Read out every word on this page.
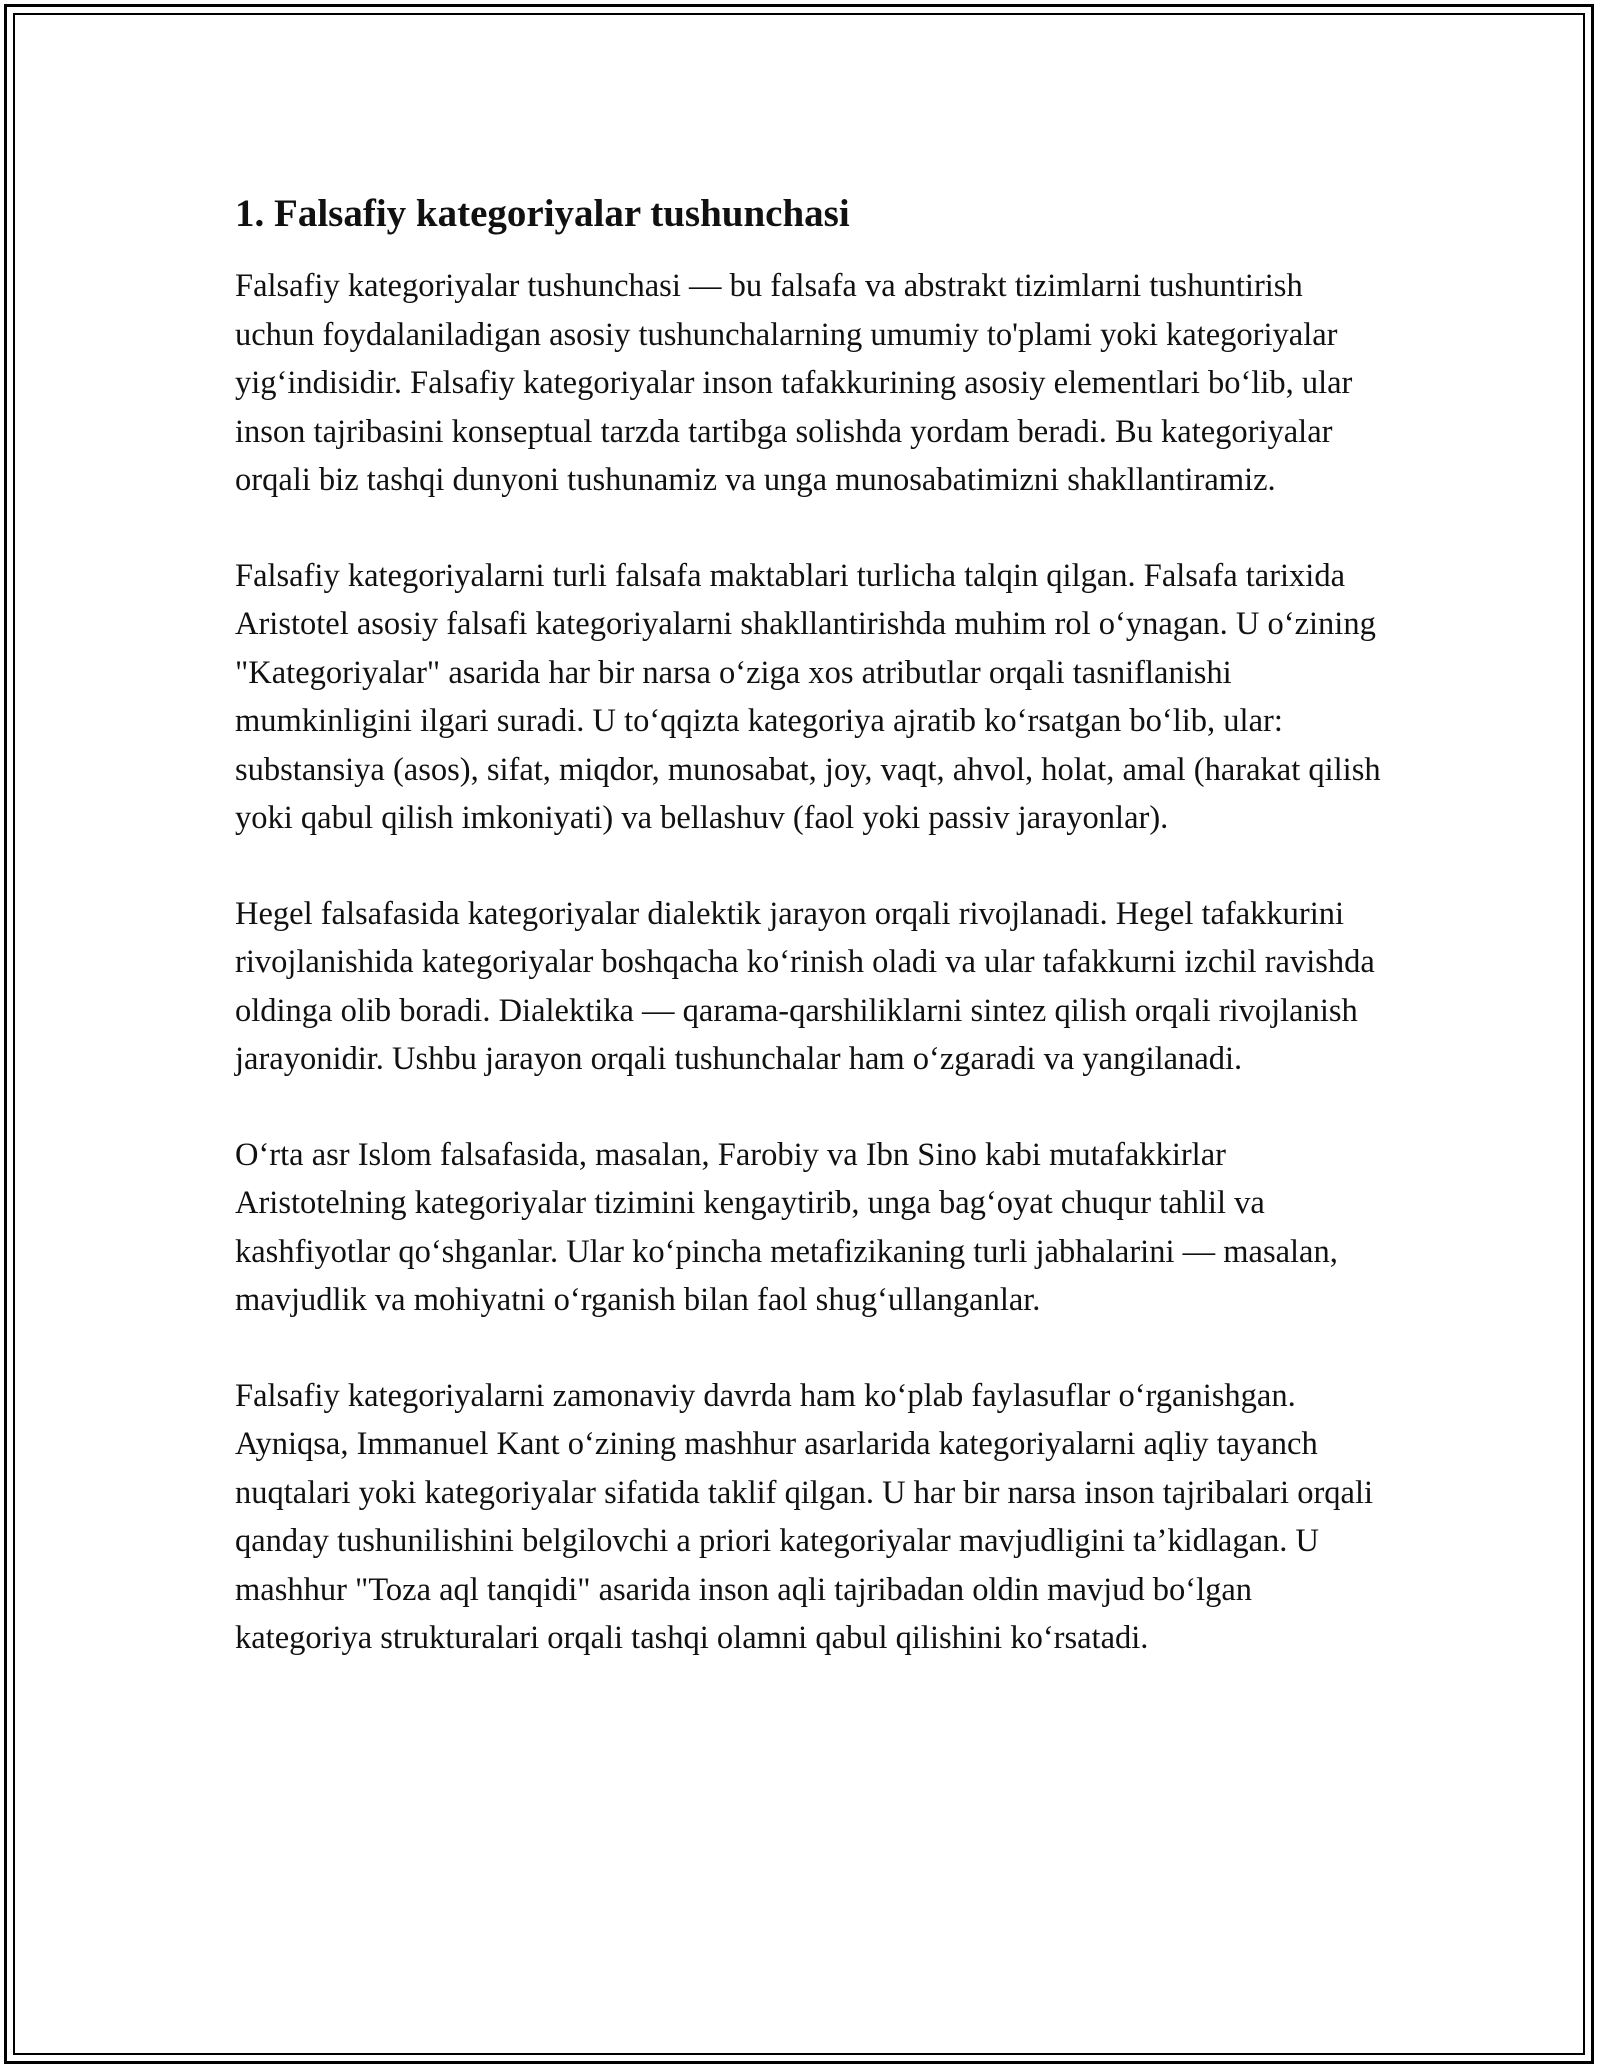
1. Falsafiy kategoriyalar tushunchasi

Falsafiy kategoriyalar tushunchasi — bu falsafa va abstrakt tizimlarni tushuntirish uchun foydalaniladigan asosiy tushunchalarning umumiy to'plami yoki kategoriyalar yig‘indisidir. Falsafiy kategoriyalar inson tafakkurining asosiy elementlari bo‘lib, ular inson tajribasini konseptual tarzda tartibga solishda yordam beradi. Bu kategoriyalar orqali biz tashqi dunyoni tushunamiz va unga munosabatimizni shakllantiramiz.

Falsafiy kategoriyalarni turli falsafa maktablari turlicha talqin qilgan. Falsafa tarixida Aristotel asosiy falsafi kategoriyalarni shakllantirishda muhim rol o‘ynagan. U o‘zining "Kategoriyalar" asarida har bir narsa o‘ziga xos atributlar orqali tasniflanishi mumkinligini ilgari suradi. U to‘qqizta kategoriya ajratib ko‘rsatgan bo‘lib, ular: substansiya (asos), sifat, miqdor, munosabat, joy, vaqt, ahvol, holat, amal (harakat qilish yoki qabul qilish imkoniyati) va bellashuv (faol yoki passiv jarayonlar).

Hegel falsafasida kategoriyalar dialektik jarayon orqali rivojlanadi. Hegel tafakkurini rivojlanishida kategoriyalar boshqacha ko‘rinish oladi va ular tafakkurni izchil ravishda oldinga olib boradi. Dialektika — qarama-qarshiliklarni sintez qilish orqali rivojlanish jarayonidir. Ushbu jarayon orqali tushunchalar ham o‘zgaradi va yangilanadi.

O‘rta asr Islom falsafasida, masalan, Farobiy va Ibn Sino kabi mutafakkirlar Aristotelning kategoriyalar tizimini kengaytirib, unga bag‘oyat chuqur tahlil va kashfiyotlar qo‘shganlar. Ular ko‘pincha metafizikaning turli jabhalarini — masalan, mavjudlik va mohiyatni o‘rganish bilan faol shug‘ullanganlar.

Falsafiy kategoriyalarni zamonaviy davrda ham ko‘plab faylasuflar o‘rganishgan. Ayniqsa, Immanuel Kant o‘zining mashhur asarlarida kategoriyalarni aqliy tayanch nuqtalari yoki kategoriyalar sifatida taklif qilgan. U har bir narsa inson tajribalari orqali qanday tushunilishini belgilovchi a priori kategoriyalar mavjudligini ta’kidlagan. U mashhur "Toza aql tanqidi" asarida inson aqli tajribadan oldin mavjud bo‘lgan kategoriya strukturalari orqali tashqi olamni qabul qilishini ko‘rsatadi.
